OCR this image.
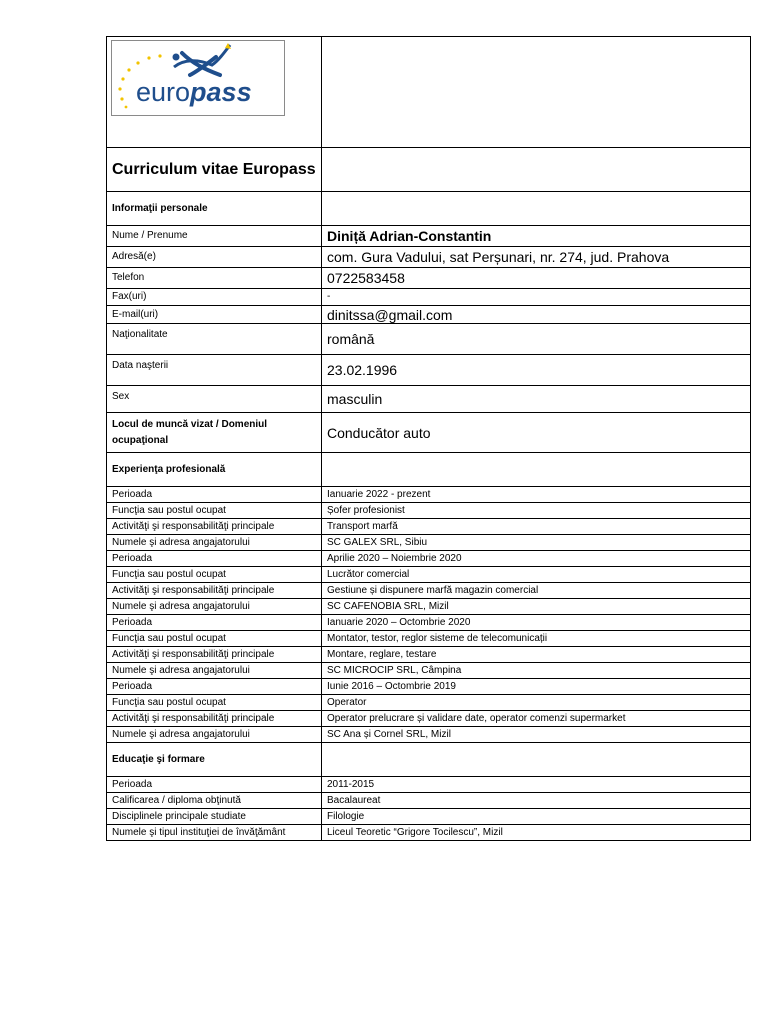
europass	

Curriculum vitae Europass	

Informaţii personale	
Nume / Prenume	Diniță Adrian-Constantin
Adresă(e)	com. Gura Vadului, sat Perșunari, nr. 274, jud. Prahova
Telefon	0722583458
Fax(uri)	-
E-mail(uri)	dinitssa@gmail.com
Naţionalitate	română
Data naşterii	23.02.1996
Sex	masculin
Locul de muncă vizat / Domeniul ocupaţional	Conducător auto
Experienţa profesională	
Perioada	Ianuarie 2022 - prezent
Funcţia sau postul ocupat	Șofer profesionist
Activităţi şi responsabilităţi principale	Transport marfă
Numele şi adresa angajatorului	SC GALEX SRL, Sibiu
Perioada	Aprilie 2020 – Noiembrie 2020
Funcţia sau postul ocupat	Lucrător comercial
Activităţi şi responsabilităţi principale	Gestiune și dispunere marfă magazin comercial
Numele şi adresa angajatorului	SC CAFENOBIA SRL, Mizil
Perioada	Ianuarie 2020 – Octombrie 2020
Funcţia sau postul ocupat	Montator, testor, reglor sisteme de telecomunicații
Activităţi şi responsabilităţi principale	Montare, reglare, testare
Numele şi adresa angajatorului	SC MICROCIP SRL, Câmpina
Perioada	Iunie 2016 – Octombrie 2019
Funcţia sau postul ocupat	Operator
Activităţi şi responsabilităţi principale	Operator prelucrare și validare date, operator comenzi supermarket
Numele şi adresa angajatorului	SC Ana și Cornel SRL, Mizil
Educaţie şi formare	
Perioada	2011-2015
Calificarea / diploma obţinută	Bacalaureat
Disciplinele principale studiate	Filologie
Numele şi tipul instituţiei de învăţământ	Liceul Teoretic “Grigore Tocilescu”, Mizil
